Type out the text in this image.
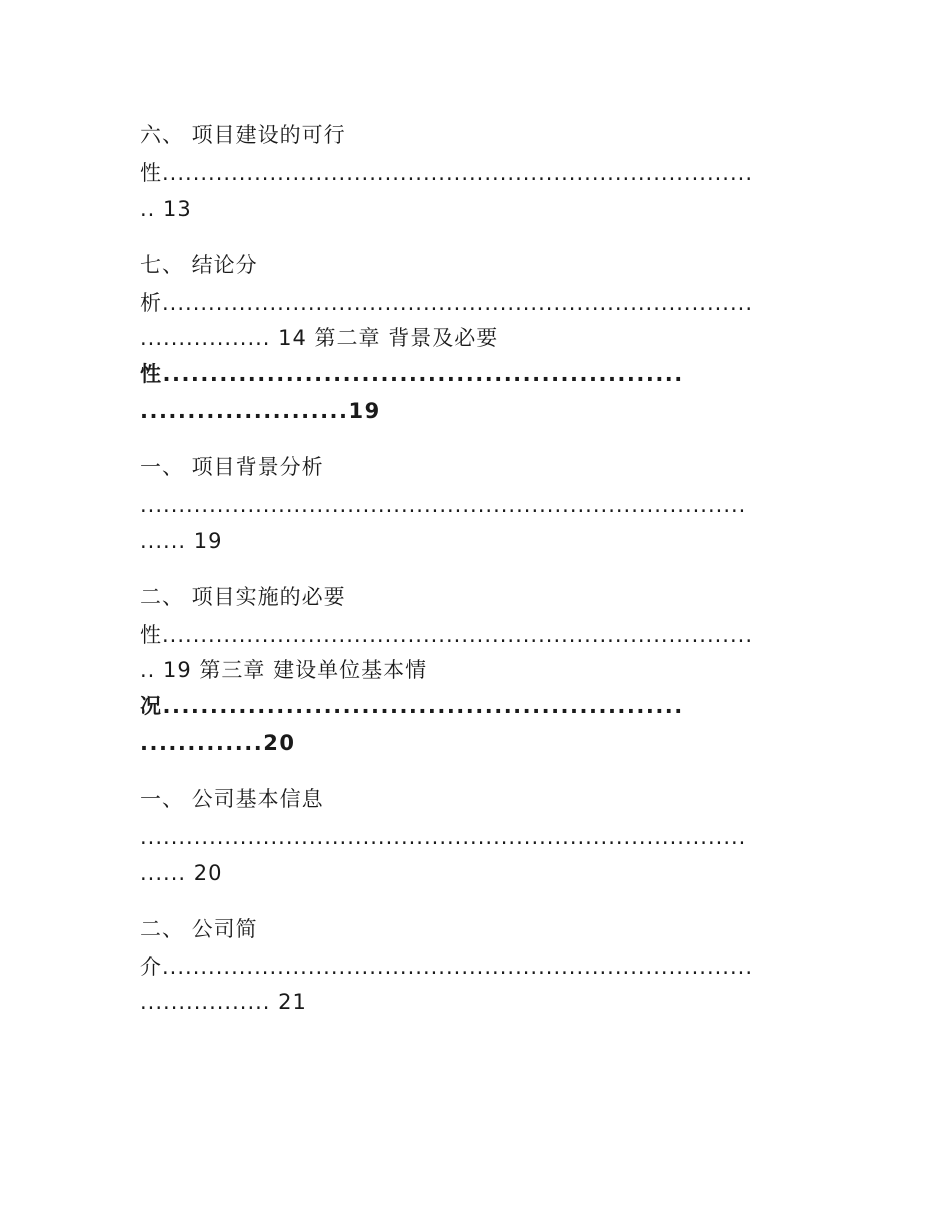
六、 项目建设的可行
性.............................................................................
.. 13
七、 结论分
析.............................................................................
................. 14 第二章 背景及必要
性.......................................................
......................19
一、 项目背景分析
...............................................................................
...... 19
二、 项目实施的必要
性.............................................................................
.. 19 第三章 建设单位基本情
况.......................................................
.............20
一、 公司基本信息
...............................................................................
...... 20
二、 公司简
介.............................................................................
................. 21
